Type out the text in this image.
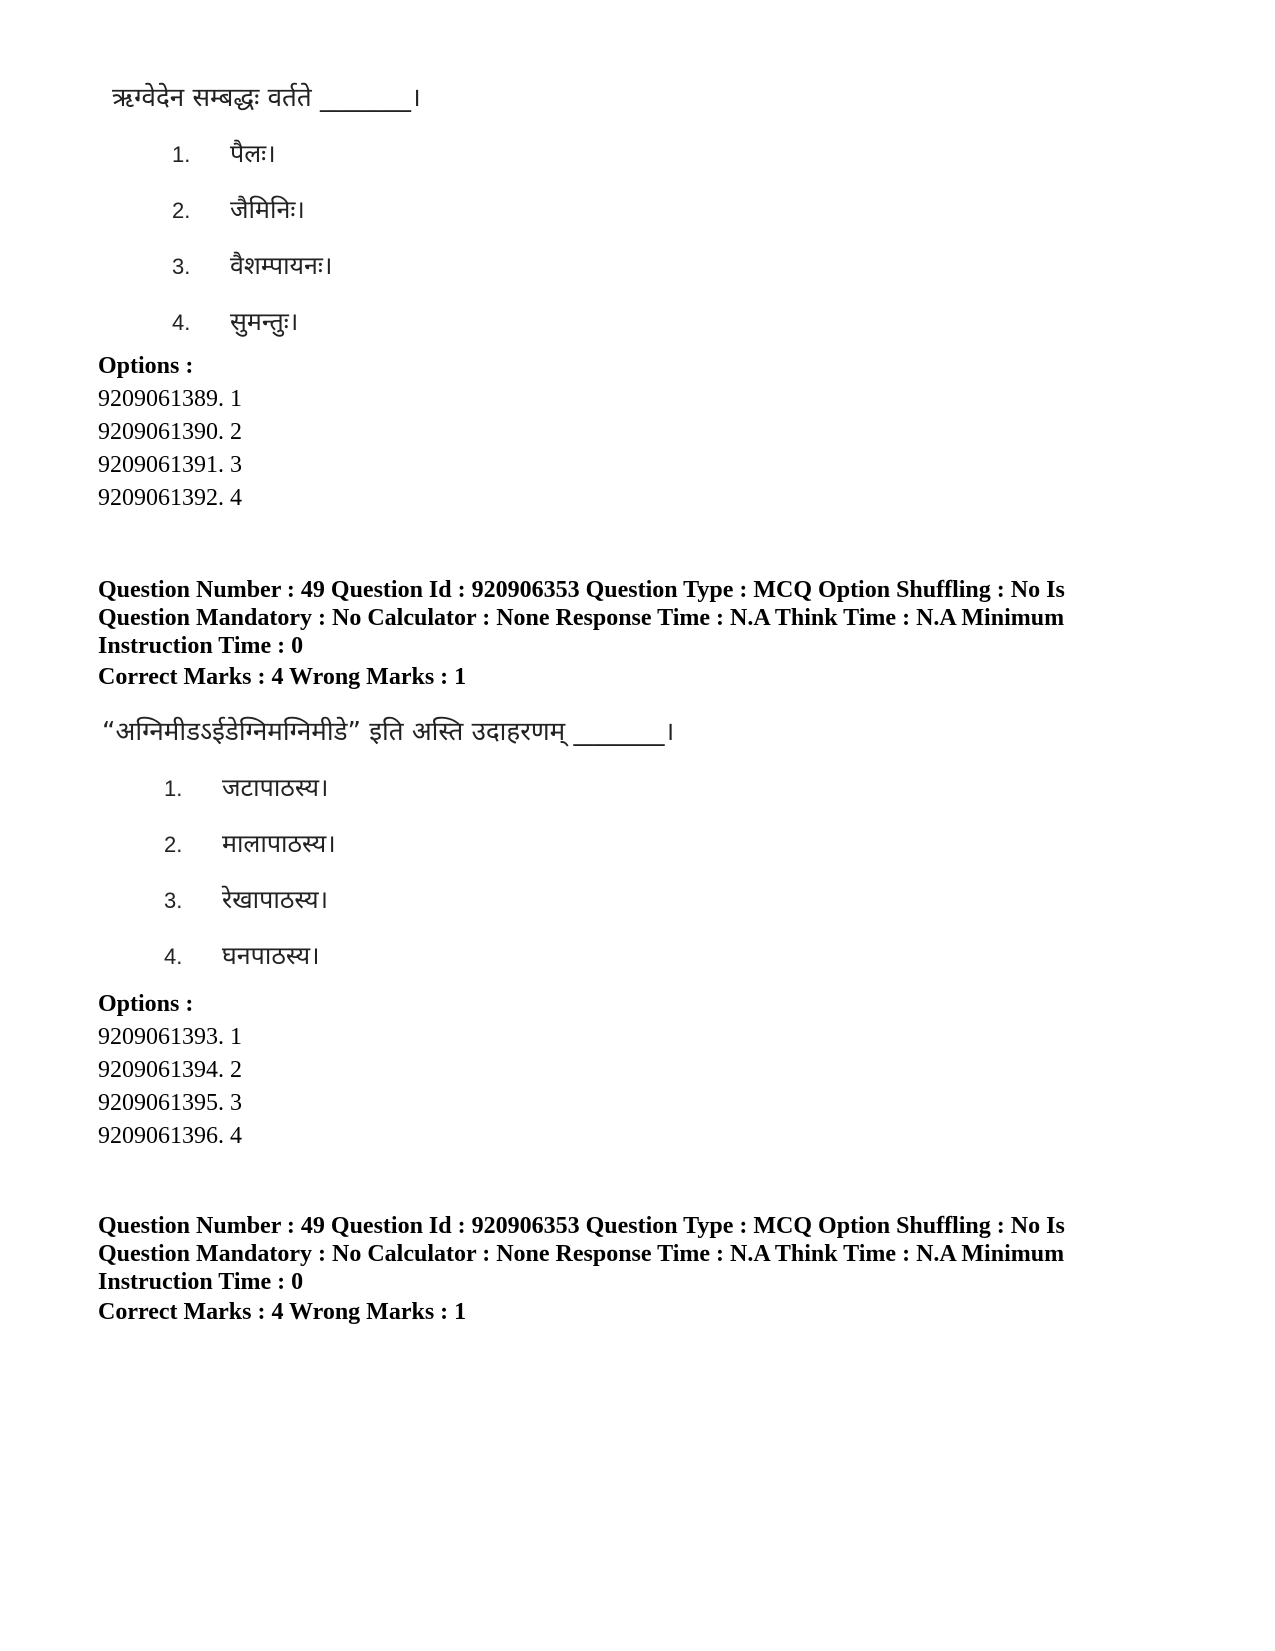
ऋग्वेदेन सम्बद्धः वर्तते _______।
1. पैलः।
2. जैमिनिः।
3. वैशम्पायनः।
4. सुमन्तुः।
Options :
9209061389. 1
9209061390. 2
9209061391. 3
9209061392. 4
Question Number : 49 Question Id : 920906353 Question Type : MCQ Option Shuffling : No Is Question Mandatory : No Calculator : None Response Time : N.A Think Time : N.A Minimum Instruction Time : 0
Correct Marks : 4 Wrong Marks : 1
“अग्निमीडऽईडेग्निमग्निमीडे” इति अस्ति उदाहरणम् _______।
1. जटापाठस्य।
2. मालापाठस्य।
3. रेखापाठस्य।
4. घनपाठस्य।
Options :
9209061393. 1
9209061394. 2
9209061395. 3
9209061396. 4
Question Number : 49 Question Id : 920906353 Question Type : MCQ Option Shuffling : No Is Question Mandatory : No Calculator : None Response Time : N.A Think Time : N.A Minimum Instruction Time : 0
Correct Marks : 4 Wrong Marks : 1
